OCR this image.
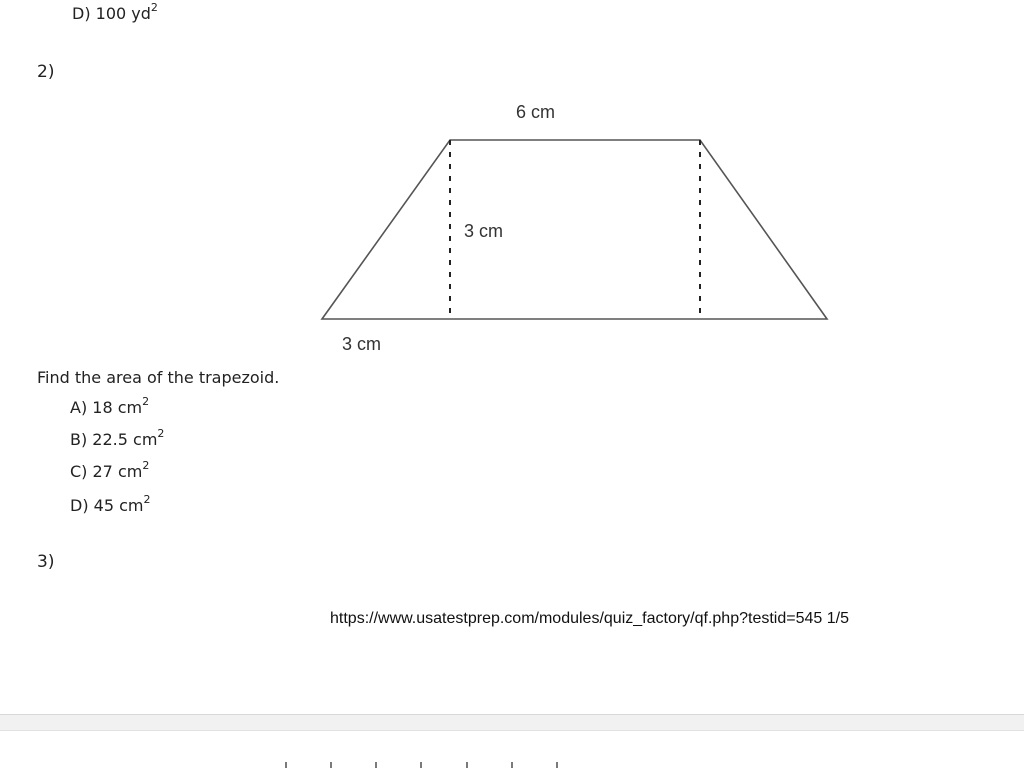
D) 100 $yd^2$
2)
6 cm
3 cm
3 cm
Find the area of the trapezoid.
A) 18 $cm^2$
B) 22.5 $cm^2$
C) 27 $cm^2$
D) 45 $cm^2$
3)
https://www.usatestprep.com/modules/quiz_factory/qf.php?testid=545 1/5
